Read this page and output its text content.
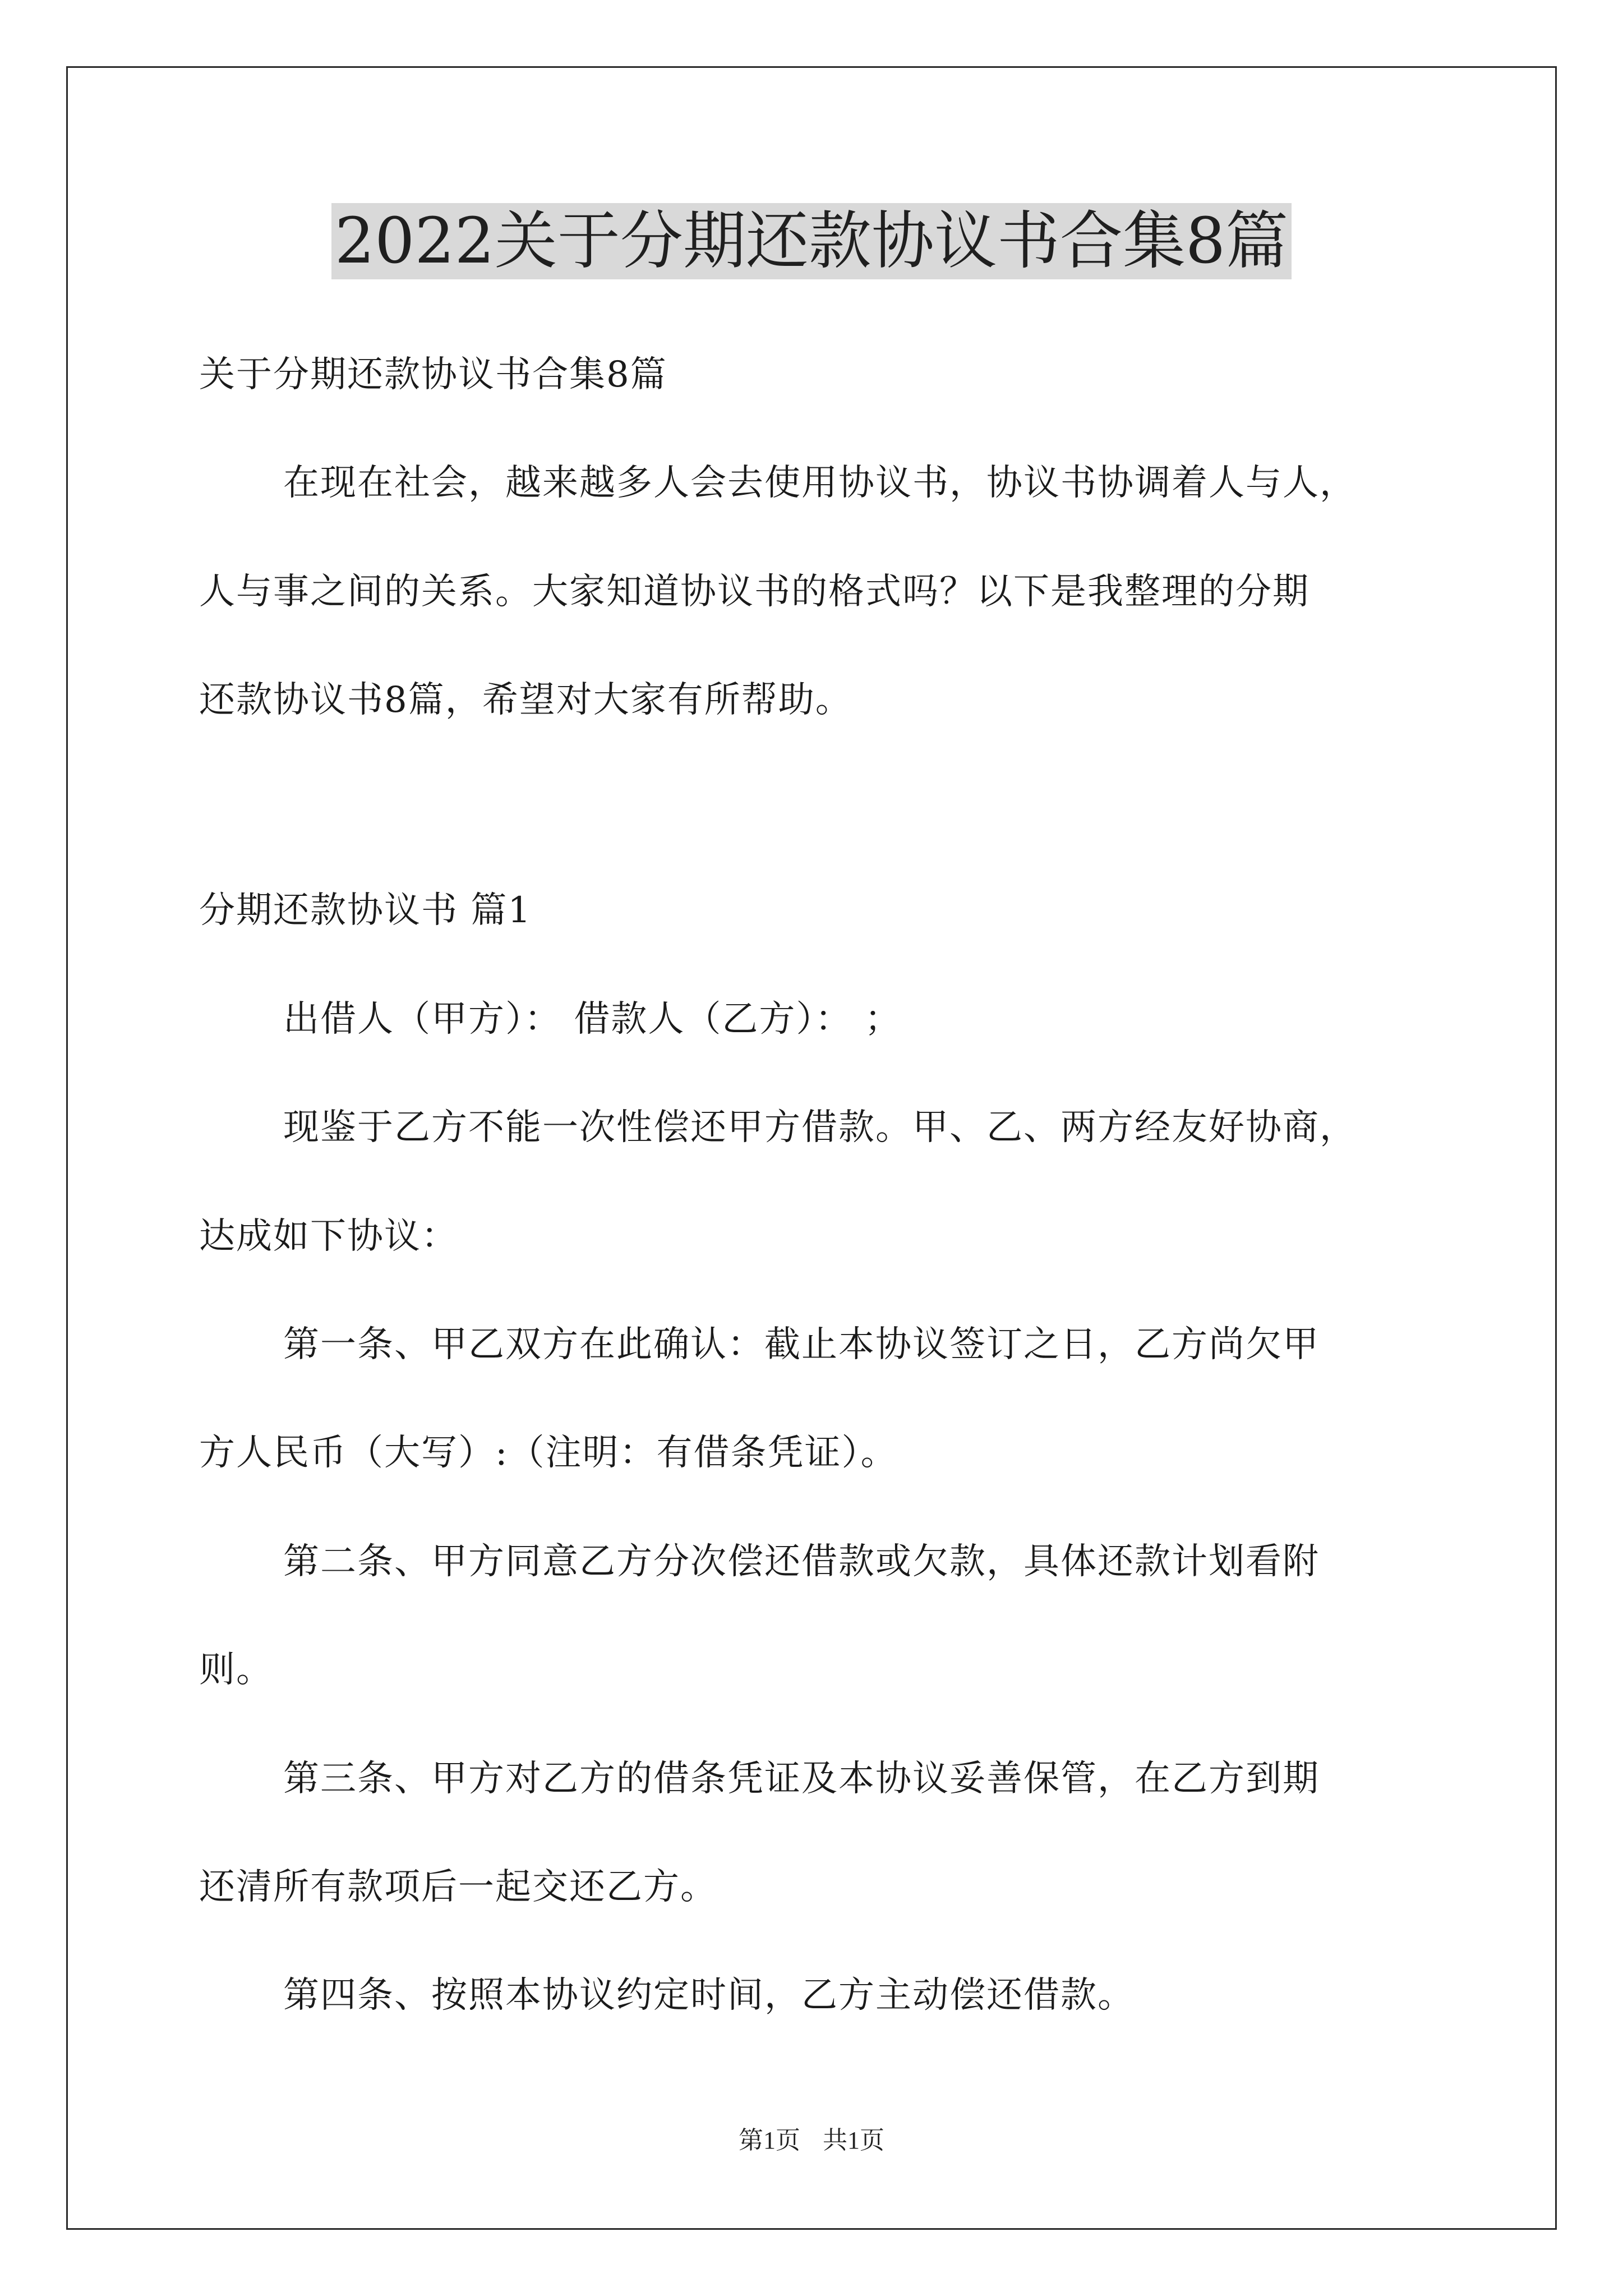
2022关于分期还款协议书合集8篇
关于分期还款协议书合集8篇
在现在社会，越来越多人会去使用协议书，协议书协调着人与人，
人与事之间的关系。大家知道协议书的格式吗？以下是我整理的分期
还款协议书8篇，希望对大家有所帮助。
分期还款协议书 篇1
出借人（甲方）： 借款人（乙方）： ；
现鉴于乙方不能一次性偿还甲方借款。甲、乙、两方经友好协商，
达成如下协议：
第一条、甲乙双方在此确认：截止本协议签订之日，乙方尚欠甲
方人民币（大写）:（注明：有借条凭证）。
第二条、甲方同意乙方分次偿还借款或欠款，具体还款计划看附
则。
第三条、甲方对乙方的借条凭证及本协议妥善保管，在乙方到期
还清所有款项后一起交还乙方。
第四条、按照本协议约定时间，乙方主动偿还借款。
第1页 共1页
